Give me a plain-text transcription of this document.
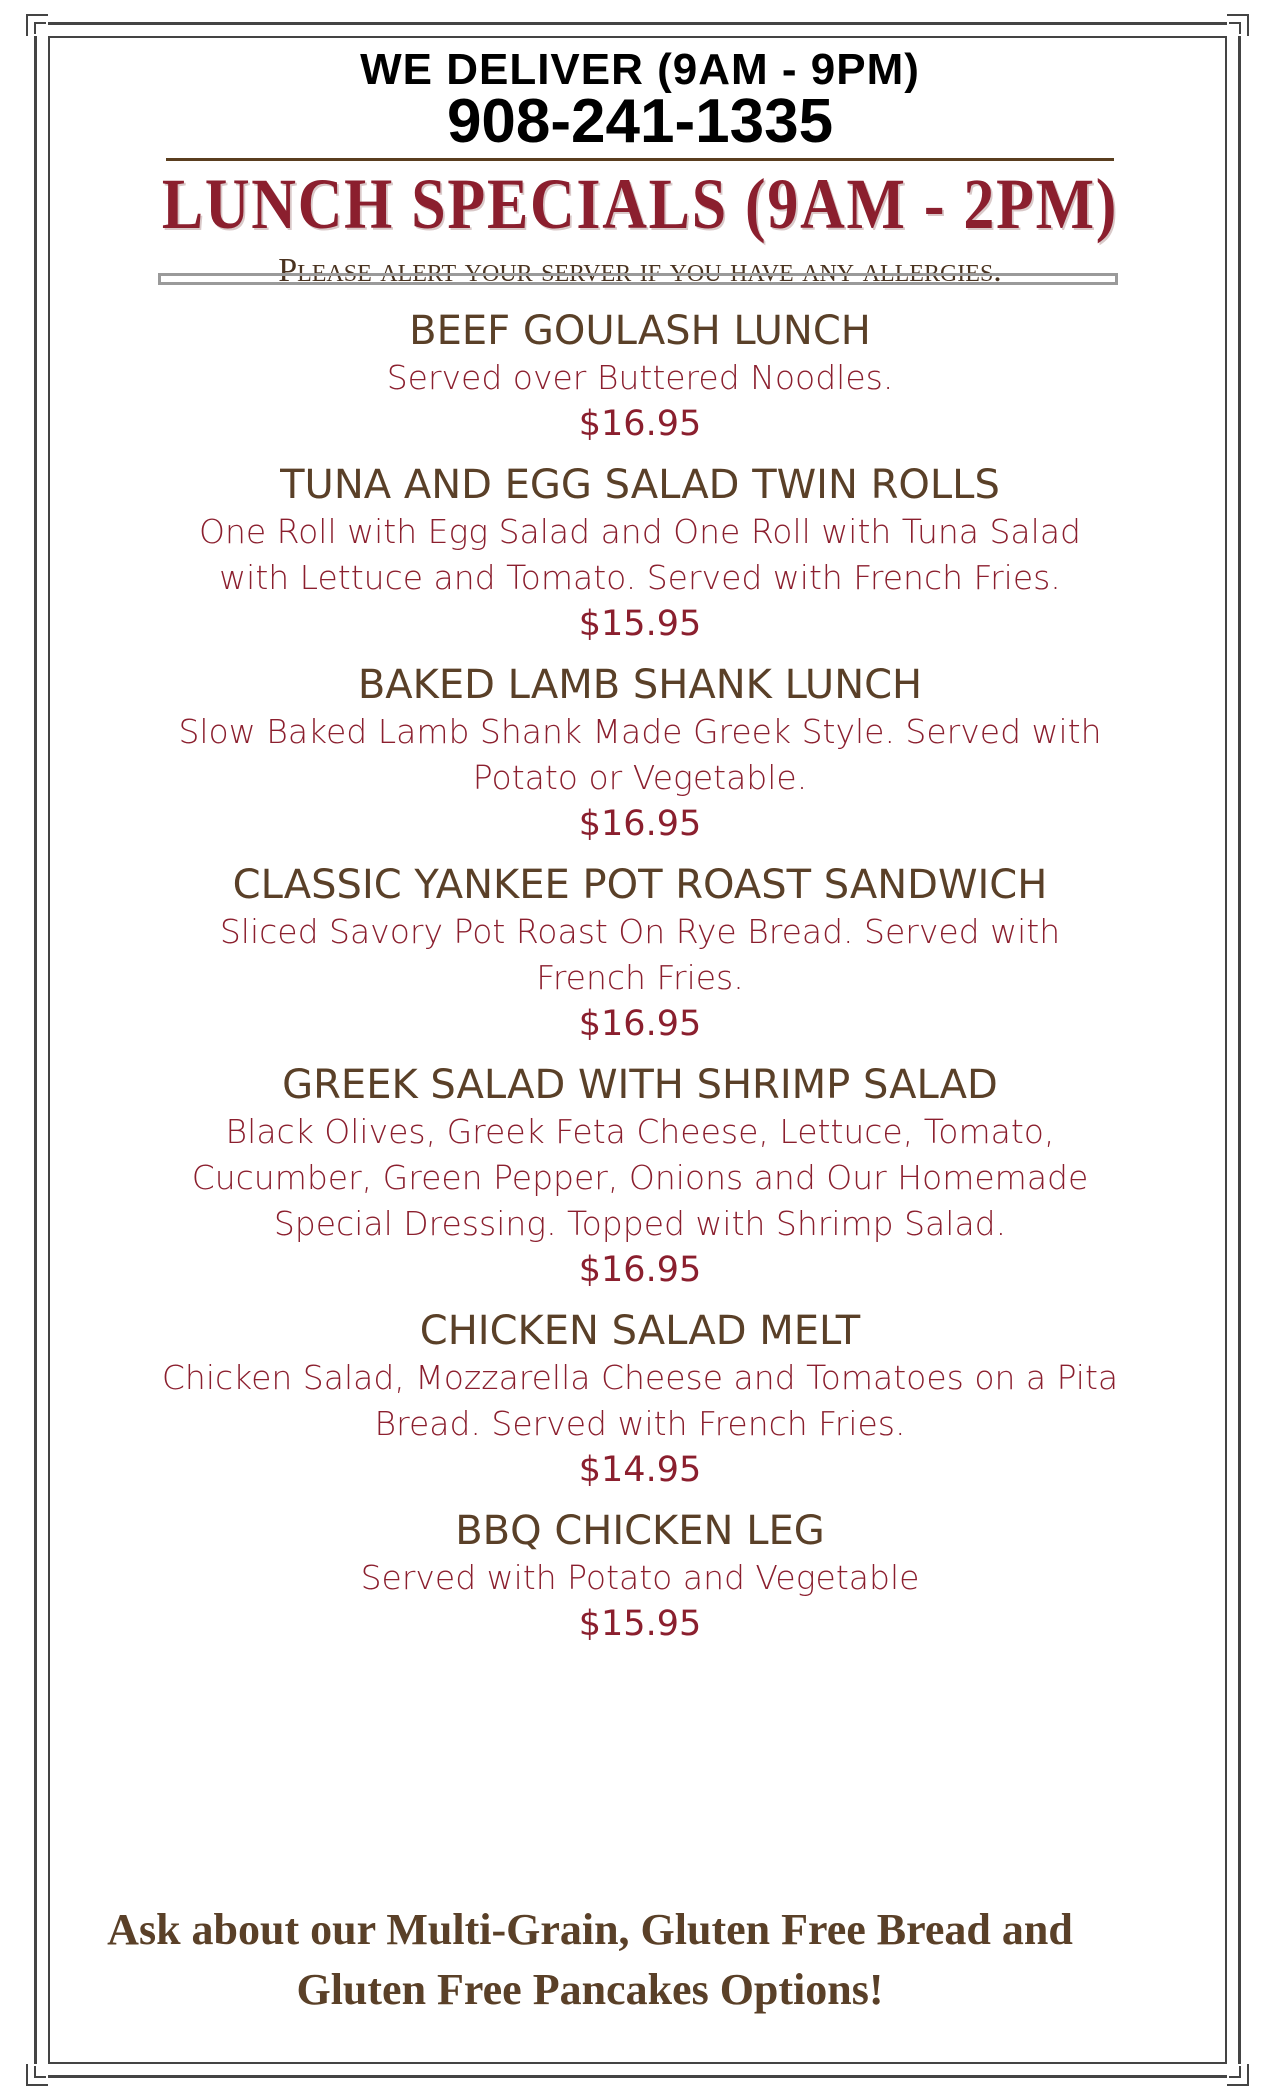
WE DELIVER (9AM - 9PM)
908-241-1335
LUNCH SPECIALS (9AM - 2PM)
Please alert your server if you have any allergies.
BEEF GOULASH LUNCH
Served over Buttered Noodles.
$16.95
TUNA AND EGG SALAD TWIN ROLLS
One Roll with Egg Salad and One Roll with Tuna Salad with Lettuce and Tomato. Served with French Fries.
$15.95
BAKED LAMB SHANK LUNCH
Slow Baked Lamb Shank Made Greek Style. Served with Potato or Vegetable.
$16.95
CLASSIC YANKEE POT ROAST SANDWICH
Sliced Savory Pot Roast On Rye Bread. Served with French Fries.
$16.95
GREEK SALAD WITH SHRIMP SALAD
Black Olives, Greek Feta Cheese, Lettuce, Tomato, Cucumber, Green Pepper, Onions and Our Homemade Special Dressing. Topped with Shrimp Salad.
$16.95
CHICKEN SALAD MELT
Chicken Salad, Mozzarella Cheese and Tomatoes on a Pita Bread. Served with French Fries.
$14.95
BBQ CHICKEN LEG
Served with Potato and Vegetable
$15.95
Ask about our Multi-Grain, Gluten Free Bread and
Gluten Free Pancakes Options!
